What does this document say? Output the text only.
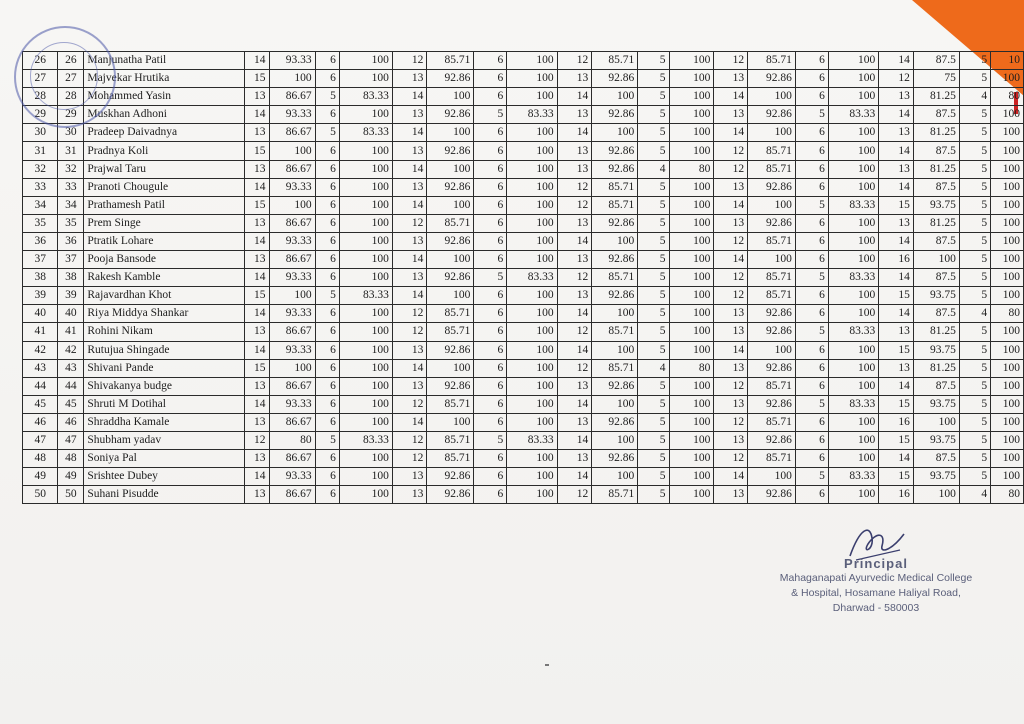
26	26	Manjunatha Patil	14	93.33	6	100	12	85.71	6	100	12	85.71	5	100	12	85.71	6	100	14	87.5	5	10
27	27	Majvekar Hrutika	15	100	6	100	13	92.86	6	100	13	92.86	5	100	13	92.86	6	100	12	75	5	100
28	28	Mohammed Yasin	13	86.67	5	83.33	14	100	6	100	14	100	5	100	14	100	6	100	13	81.25	4	80
29	29	Muskhan Adhoni	14	93.33	6	100	13	92.86	5	83.33	13	92.86	5	100	13	92.86	5	83.33	14	87.5	5	100
30	30	Pradeep Daivadnya	13	86.67	5	83.33	14	100	6	100	14	100	5	100	14	100	6	100	13	81.25	5	100
31	31	Pradnya Koli	15	100	6	100	13	92.86	6	100	13	92.86	5	100	12	85.71	6	100	14	87.5	5	100
32	32	Prajwal Taru	13	86.67	6	100	14	100	6	100	13	92.86	4	80	12	85.71	6	100	13	81.25	5	100
33	33	Pranoti Chougule	14	93.33	6	100	13	92.86	6	100	12	85.71	5	100	13	92.86	6	100	14	87.5	5	100
34	34	Prathamesh Patil	15	100	6	100	14	100	6	100	12	85.71	5	100	14	100	5	83.33	15	93.75	5	100
35	35	Prem Singe	13	86.67	6	100	12	85.71	6	100	13	92.86	5	100	13	92.86	6	100	13	81.25	5	100
36	36	Ptratik Lohare	14	93.33	6	100	13	92.86	6	100	14	100	5	100	12	85.71	6	100	14	87.5	5	100
37	37	Pooja Bansode	13	86.67	6	100	14	100	6	100	13	92.86	5	100	14	100	6	100	16	100	5	100
38	38	Rakesh Kamble	14	93.33	6	100	13	92.86	5	83.33	12	85.71	5	100	12	85.71	5	83.33	14	87.5	5	100
39	39	Rajavardhan Khot	15	100	5	83.33	14	100	6	100	13	92.86	5	100	12	85.71	6	100	15	93.75	5	100
40	40	Riya Middya Shankar	14	93.33	6	100	12	85.71	6	100	14	100	5	100	13	92.86	6	100	14	87.5	4	80
41	41	Rohini Nikam	13	86.67	6	100	12	85.71	6	100	12	85.71	5	100	13	92.86	5	83.33	13	81.25	5	100
42	42	Rutujua Shingade	14	93.33	6	100	13	92.86	6	100	14	100	5	100	14	100	6	100	15	93.75	5	100
43	43	Shivani Pande	15	100	6	100	14	100	6	100	12	85.71	4	80	13	92.86	6	100	13	81.25	5	100
44	44	Shivakanya budge	13	86.67	6	100	13	92.86	6	100	13	92.86	5	100	12	85.71	6	100	14	87.5	5	100
45	45	Shruti M Dotihal	14	93.33	6	100	12	85.71	6	100	14	100	5	100	13	92.86	5	83.33	15	93.75	5	100
46	46	Shraddha Kamale	13	86.67	6	100	14	100	6	100	13	92.86	5	100	12	85.71	6	100	16	100	5	100
47	47	Shubham yadav	12	80	5	83.33	12	85.71	5	83.33	14	100	5	100	13	92.86	6	100	15	93.75	5	100
48	48	Soniya Pal	13	86.67	6	100	12	85.71	6	100	13	92.86	5	100	12	85.71	6	100	14	87.5	5	100
49	49	Srishtee Dubey	14	93.33	6	100	13	92.86	6	100	14	100	5	100	14	100	5	83.33	15	93.75	5	100
50	50	Suhani Pisudde	13	86.67	6	100	13	92.86	6	100	12	85.71	5	100	13	92.86	6	100	16	100	4	80
Principal
Mahaganapati Ayurvedic Medical College
& Hospital, Hosamane Haliyal Road,
Dharwad - 580003
